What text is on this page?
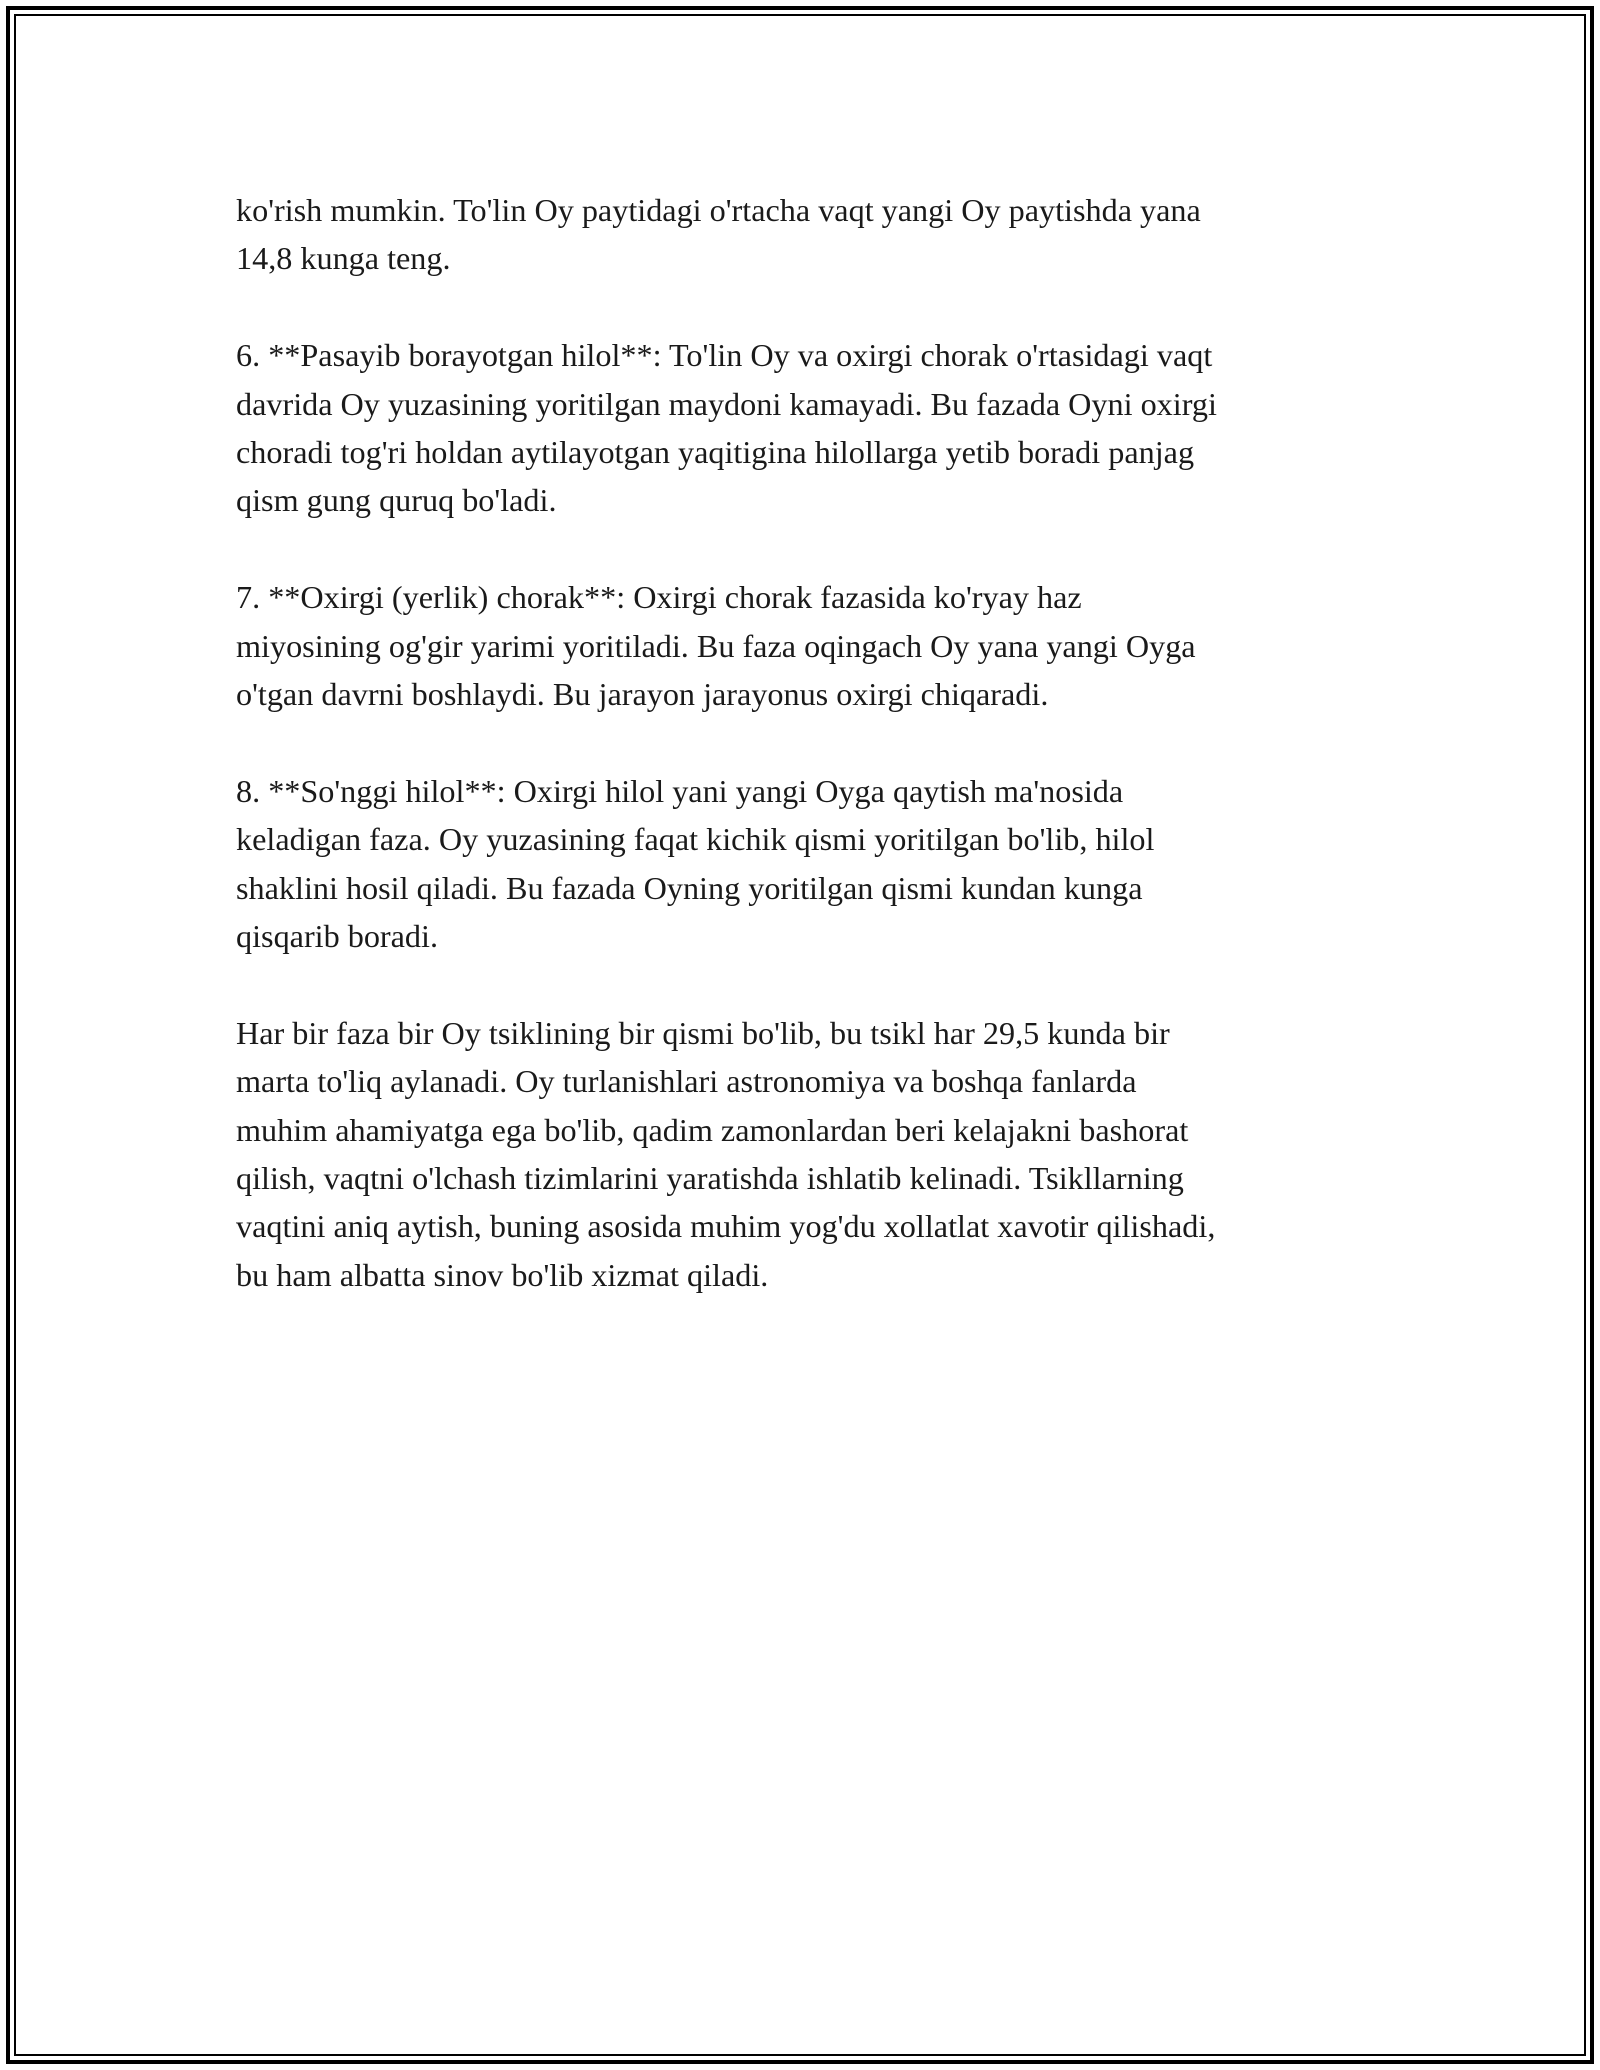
ko'rish mumkin. To'lin Oy paytidagi o'rtacha vaqt yangi Oy paytishda yana
14,8 kunga teng.

6. **Pasayib borayotgan hilol**: To'lin Oy va oxirgi chorak o'rtasidagi vaqt
davrida Oy yuzasining yoritilgan maydoni kamayadi. Bu fazada Oyni oxirgi
choradi tog'ri holdan aytilayotgan yaqitigina hilollarga yetib boradi panjag
qism gung quruq bo'ladi.

7. **Oxirgi (yerlik) chorak**: Oxirgi chorak fazasida ko'ryay haz
miyosining og'gir yarimi yoritiladi. Bu faza oqingach Oy yana yangi Oyga
o'tgan davrni boshlaydi. Bu jarayon jarayonus oxirgi chiqaradi.

8. **So'nggi hilol**: Oxirgi hilol yani yangi Oyga qaytish ma'nosida
keladigan faza. Oy yuzasining faqat kichik qismi yoritilgan bo'lib, hilol
shaklini hosil qiladi. Bu fazada Oyning yoritilgan qismi kundan kunga
qisqarib boradi.

Har bir faza bir Oy tsiklining bir qismi bo'lib, bu tsikl har 29,5 kunda bir
marta to'liq aylanadi. Oy turlanishlari astronomiya va boshqa fanlarda
muhim ahamiyatga ega bo'lib, qadim zamonlardan beri kelajakni bashorat
qilish, vaqtni o'lchash tizimlarini yaratishda ishlatib kelinadi. Tsikllarning
vaqtini aniq aytish, buning asosida muhim yog'du xollatlat xavotir qilishadi,
bu ham albatta sinov bo'lib xizmat qiladi.
